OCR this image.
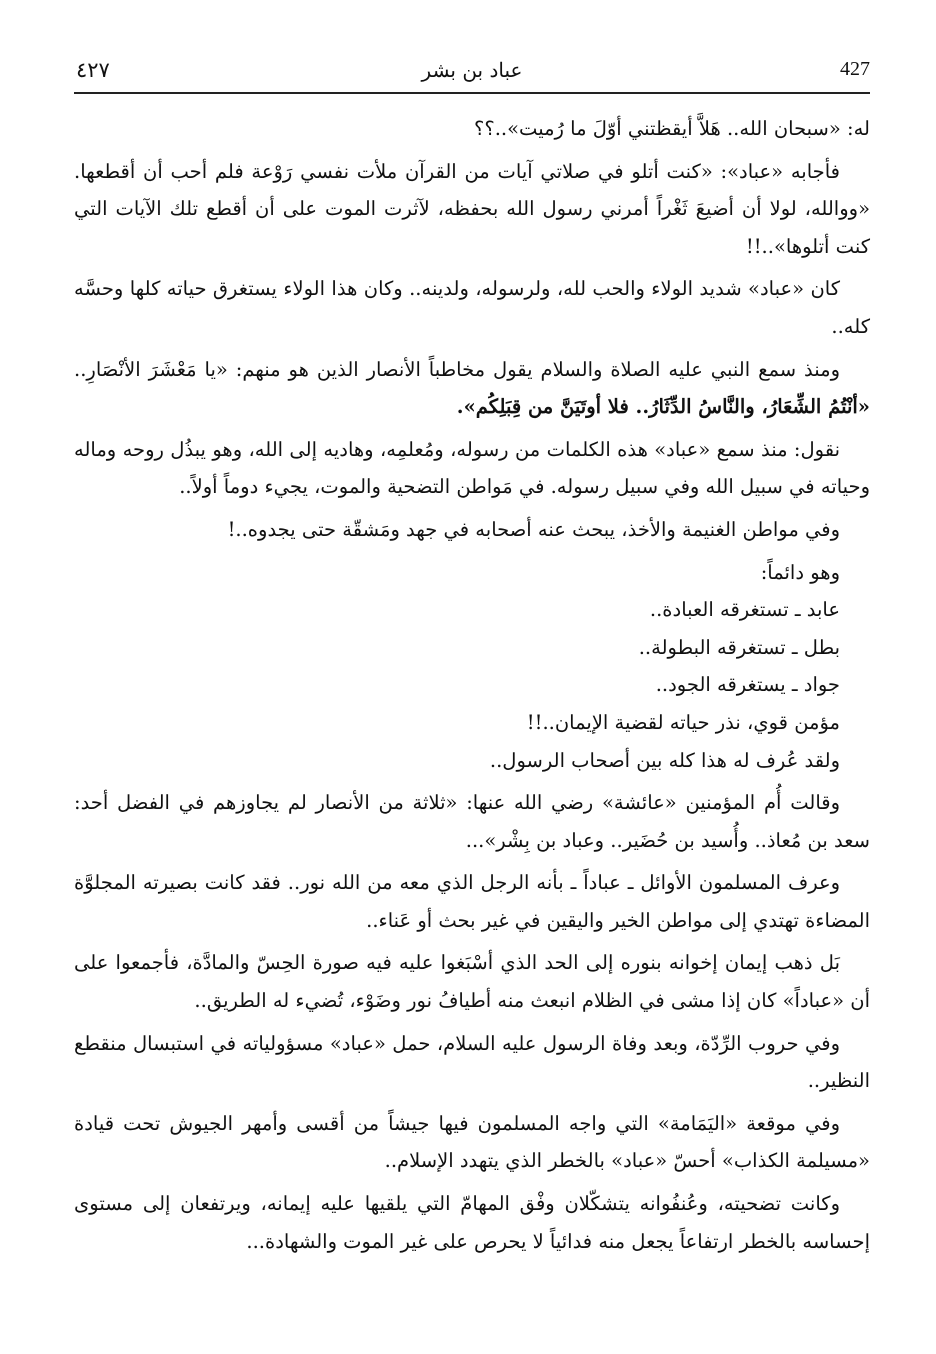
٤٢٧	عباد بن بشر	427

له: «سبحان الله.. هَلاَّ أيقظتني أوّلَ ما رُميت»..؟؟

فأجابه «عباد»: «كنت أتلو في صلاتي آيات من القرآن ملأت نفسي رَوْعة فلم أحب أن أقطعها. «ووالله، لولا أن أضيعَ ثَغْراً أمرني رسول الله بحفظه، لآثرت الموت على أن أقطع تلك الآيات التي كنت أتلوها»..!!

كان «عباد» شديد الولاء والحب لله، ولرسوله، ولدينه.. وكان هذا الولاء يستغرق حياته كلها وحسَّه كله..

ومنذ سمع النبي عليه الصلاة والسلام يقول مخاطباً الأنصار الذين هو منهم: «يا مَعْشَرَ الأنْصَارِ.. «أنْتُمُ الشِّعَارُ، والنَّاسُ الدِّثَارُ.. فلا أوتَيَنَّ من قِبَلِكُم».

نقول: منذ سمع «عباد» هذه الكلمات من رسوله، ومُعلمِه، وهاديه إلى الله، وهو يبذُل روحه وماله وحياته في سبيل الله وفي سبيل رسوله. في مَواطن التضحية والموت، يجيء دوماً أولاً..

وفي مواطن الغنيمة والأخذ، يبحث عنه أصحابه في جهد ومَشقّة حتى يجدوه..!

وهو دائماً:

عابد ـ تستغرقه العبادة..

بطل ـ تستغرقه البطولة..

جواد ـ يستغرقه الجود..

مؤمن قوي، نذر حياته لقضية الإيمان..!!

ولقد عُرف له هذا كله بين أصحاب الرسول..

وقالت أُم المؤمنين «عائشة» رضي الله عنها: «ثلاثة من الأنصار لم يجاوزهم في الفضل أحد: سعد بن مُعاذ.. وأُسيد بن حُضَير.. وعباد بن بِشْر»...

وعرف المسلمون الأوائل ـ عباداً ـ بأنه الرجل الذي معه من الله نور.. فقد كانت بصيرته المجلوَّة المضاءة تهتدي إلى مواطن الخير واليقين في غير بحث أو عَناء..

بَل ذهب إيمان إخوانه بنوره إلى الحد الذي أسْبَغوا عليه فيه صورة الحِسّ والمادَّة، فأجمعوا على أن «عباداً» كان إذا مشى في الظلام انبعث منه أطيافُ نور وضَوْء، تُضيء له الطريق..

وفي حروب الرِّدّة، وبعد وفاة الرسول عليه السلام، حمل «عباد» مسؤولياته في استبسال منقطع النظير..

وفي موقعة «اليَمَامة» التي واجه المسلمون فيها جيشاً من أقسى وأمهر الجيوش تحت قيادة «مسيلمة الكذاب» أحسّ «عباد» بالخطر الذي يتهدد الإسلام..

وكانت تضحيته، وعُنفُوانه يتشكّلان وفْق المهامّ التي يلقيها عليه إيمانه، ويرتفعان إلى مستوى إحساسه بالخطر ارتفاعاً يجعل منه فدائياً لا يحرص على غير الموت والشهادة...
